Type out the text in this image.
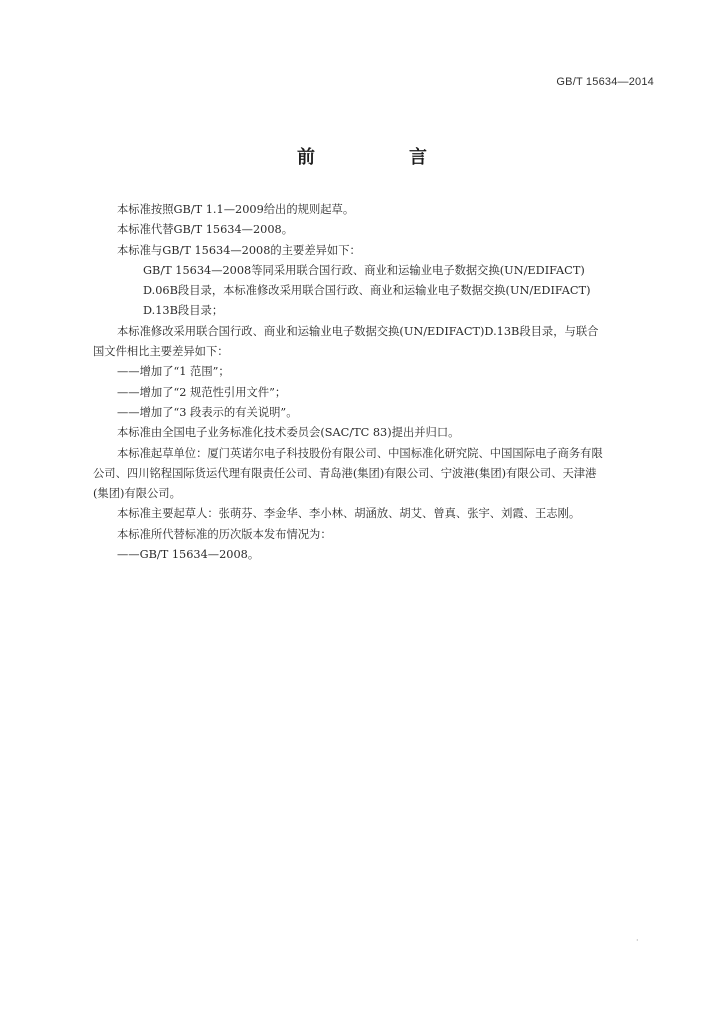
GB/T 15634—2014
前　言

本标准按照GB/T 1.1—2009给出的规则起草。

本标准代替GB/T 15634—2008。

本标准与GB/T 15634—2008的主要差异如下：

GB/T 15634—2008等同采用联合国行政、商业和运输业电子数据交换(UN/EDIFACT)

D.06B段目录，本标准修改采用联合国行政、商业和运输业电子数据交换(UN/EDIFACT)

D.13B段目录；

本标准修改采用联合国行政、商业和运输业电子数据交换(UN/EDIFACT)D.13B段目录，与联合

国文件相比主要差异如下：

——增加了“1 范围”；

——增加了“2 规范性引用文件”；

——增加了“3 段表示的有关说明”。

本标准由全国电子业务标准化技术委员会(SAC/TC 83)提出并归口。

本标准起草单位：厦门英诺尔电子科技股份有限公司、中国标准化研究院、中国国际电子商务有限

公司、四川铭程国际货运代理有限责任公司、青岛港(集团)有限公司、宁波港(集团)有限公司、天津港

(集团)有限公司。

本标准主要起草人：张萌芬、李金华、李小林、胡涵放、胡艾、曾真、张宇、刘霞、王志刚。

本标准所代替标准的历次版本发布情况为：

——GB/T 15634—2008。

·
